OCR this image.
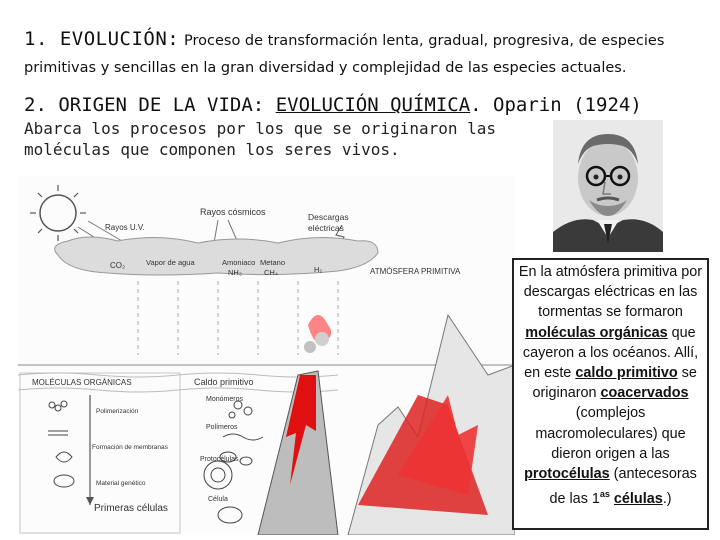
1. EVOLUCIÓN: Proceso de transformación lenta, gradual, progresiva, de especies primitivas y sencillas en la gran diversidad y complejidad de las especies actuales.
2. ORIGEN DE LA VIDA: EVOLUCIÓN QUÍMICA. Oparin (1924)
Abarca los procesos por los que se originaron las moléculas que componen los seres vivos.
Rayos cósmicos
Rayos U.V.
Descargas
eléctricas
CO₂	Vapor de agua	Amoniaco
NH₃
Metano
CH₄	H₂	ATMÓSFERA PRIMITIVA
MOLÉCULAS ORGÁNICAS	Caldo primitivo
Polimerización
Monómeros
Polímeros
Formación de membranas
Protocélulas
Material genético
Primeras células
Célula
En la atmósfera primitiva por descargas eléctricas en las tormentas se formaron moléculas orgánicas que cayeron a los océanos. Allí, en este caldo primitivo se originaron coacervados (complejos macromoleculares) que dieron origen a las protocélulas (antecesoras de las $1^{as}$ células.)
